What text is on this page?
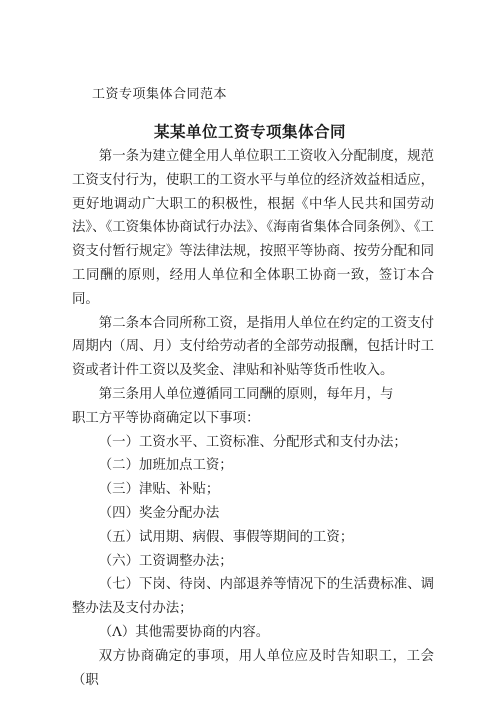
工资专项集体合同范本
某某单位工资专项集体合同

第一条为建立健全用人单位职工工资收入分配制度，规范工资支付行为，使职工的工资水平与单位的经济效益相适应，更好地调动广大职工的积极性，根据《中华人民共和国劳动法》、《工资集体协商试行办法》、《海南省集体合同条例》、《工资支付暂行规定》等法律法规，按照平等协商、按劳分配和同工同酬的原则，经用人单位和全体职工协商一致，签订本合同。

第二条本合同所称工资，是指用人单位在约定的工资支付周期内（周、月）支付给劳动者的全部劳动报酬，包括计时工资或者计件工资以及奖金、津贴和补贴等货币性收入。

第三条用人单位遵循同工同酬的原则，每年月，与

职工方平等协商确定以下事项：

（一）工资水平、工资标准、分配形式和支付办法；

（二）加班加点工资；

（三）津贴、补贴；

（四）奖金分配办法

（五）试用期、病假、事假等期间的工资；

（六）工资调整办法；

（七）下岗、待岗、内部退养等情况下的生活费标准、调整办法及支付办法；

（Λ）其他需要协商的内容。

双方协商确定的事项，用人单位应及时告知职工，工会（职
